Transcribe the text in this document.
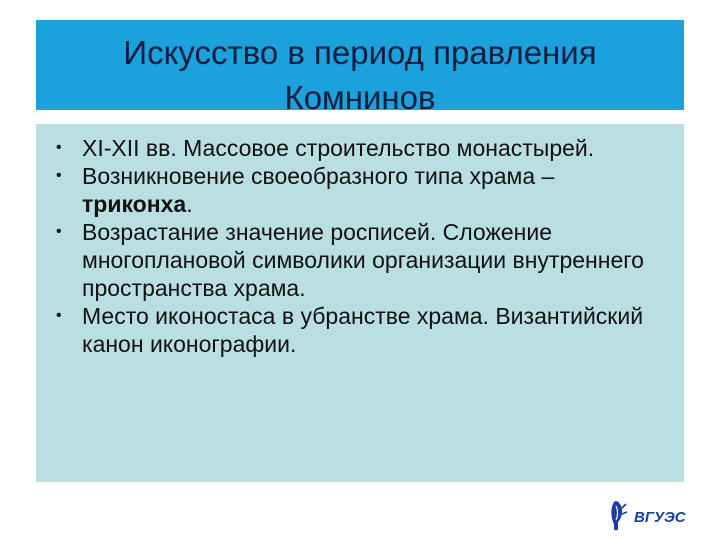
Искусство в период правления
Комнинов
• XI-XII вв. Массовое строительство монастырей.
• Возникновение своеобразного типа храма – триконха.
• Возрастание значение росписей. Сложение многоплановой символики организации внутреннего пространства храма.
• Место иконостаса в убранстве храма. Византийский канон иконографии.
ВГУЭС
